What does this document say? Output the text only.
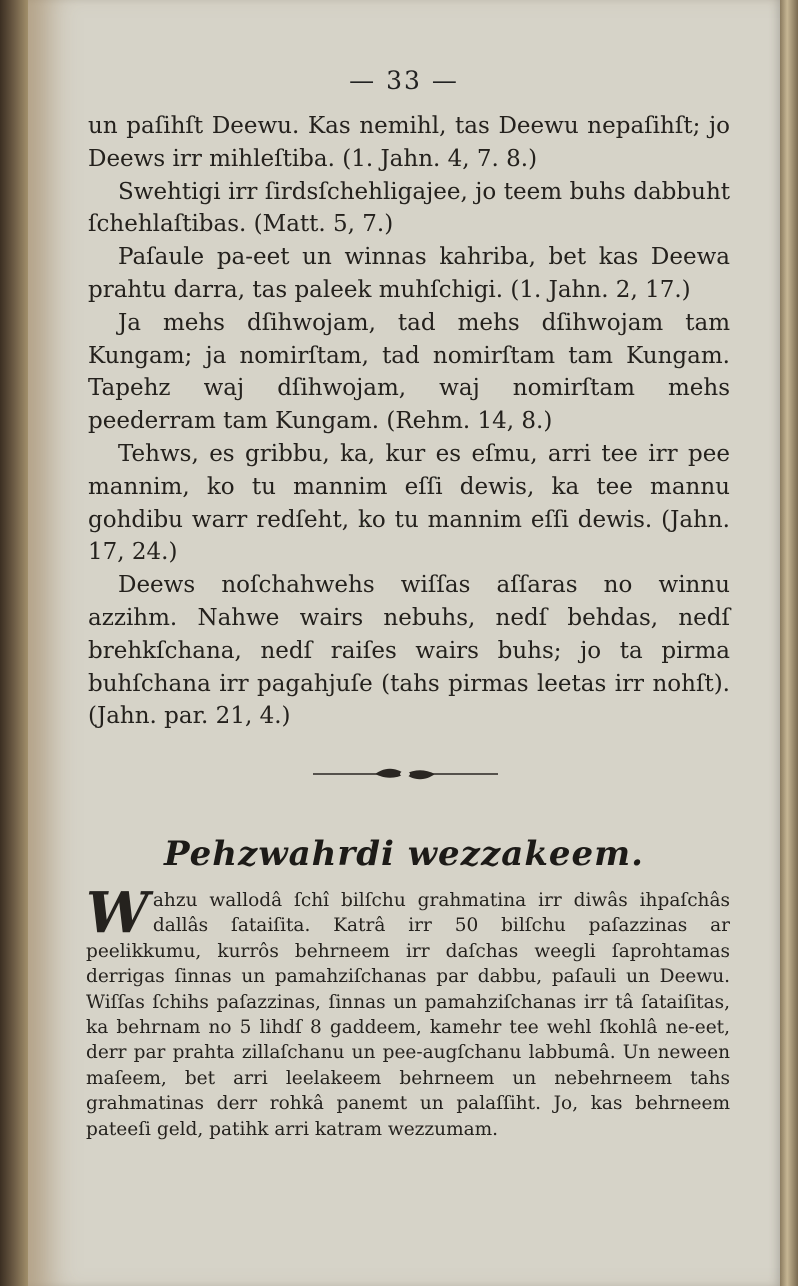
— 33 —

un paſihſt Deewu. Kas nemihl, tas Deewu nepaſihſt; jo Deews irr mihleſtiba. (1. Jahn. 4, 7. 8.)

Swehtigi irr ſirdsſchehligajee, jo teem buhs dabbuht ſchehlaſtibas. (Matt. 5, 7.)

Paſaule pa-eet un winnas kahriba, bet kas Deewa prahtu darra, tas paleek muhſchigi. (1. Jahn. 2, 17.)

Ja mehs dſihwojam, tad mehs dſihwojam tam Kungam; ja nomirſtam, tad nomirſtam tam Kungam. Tapehz waj dſihwojam, waj nomirſtam mehs peederram tam Kungam. (Rehm. 14, 8.)

Tehws, es gribbu, ka, kur es eſmu, arri tee irr pee mannim, ko tu mannim eſſi dewis, ka tee mannu gohdibu warr redſeht, ko tu mannim eſſi dewis. (Jahn. 17, 24.)

Deews noſchahwehs wiſſas aſſaras no winnu azzihm. Nahwe wairs nebuhs, nedſ behdas, nedſ brehkſchana, nedſ raiſes wairs buhs; jo ta pirma buhſchana irr pagahjuſe (tahs pirmas leetas irr nohſt). (Jahn. par. 21, 4.)

Pehzwahrdi wezzakeem.
Wahzu wallodâ ſchî bilſchu grahmatina irr diwâs ihpaſchâs dallâs ſataiſita. Katrâ irr 50 bilſchu paſazzinas ar peelikkumu, kurrôs behrneem irr daſchas weegli ſaprohtamas derrigas ſinnas un pamahziſchanas par dabbu, paſauli un Deewu. Wiſſas ſchihs paſazzinas, ſinnas un pamahziſchanas irr tâ ſataiſitas, ka behrnam no 5 lihdſ 8 gaddeem, kamehr tee wehl ſkohlâ ne-eet, derr par prahta zillaſchanu un pee-augſchanu labbumâ. Un neween maſeem, bet arri leelakeem behrneem un nebehrneem tahs grahmatinas derr rohkâ panemt un palaſſiht. Jo, kas behrneem pateeſi geld, patihk arri katram wezzumam.
